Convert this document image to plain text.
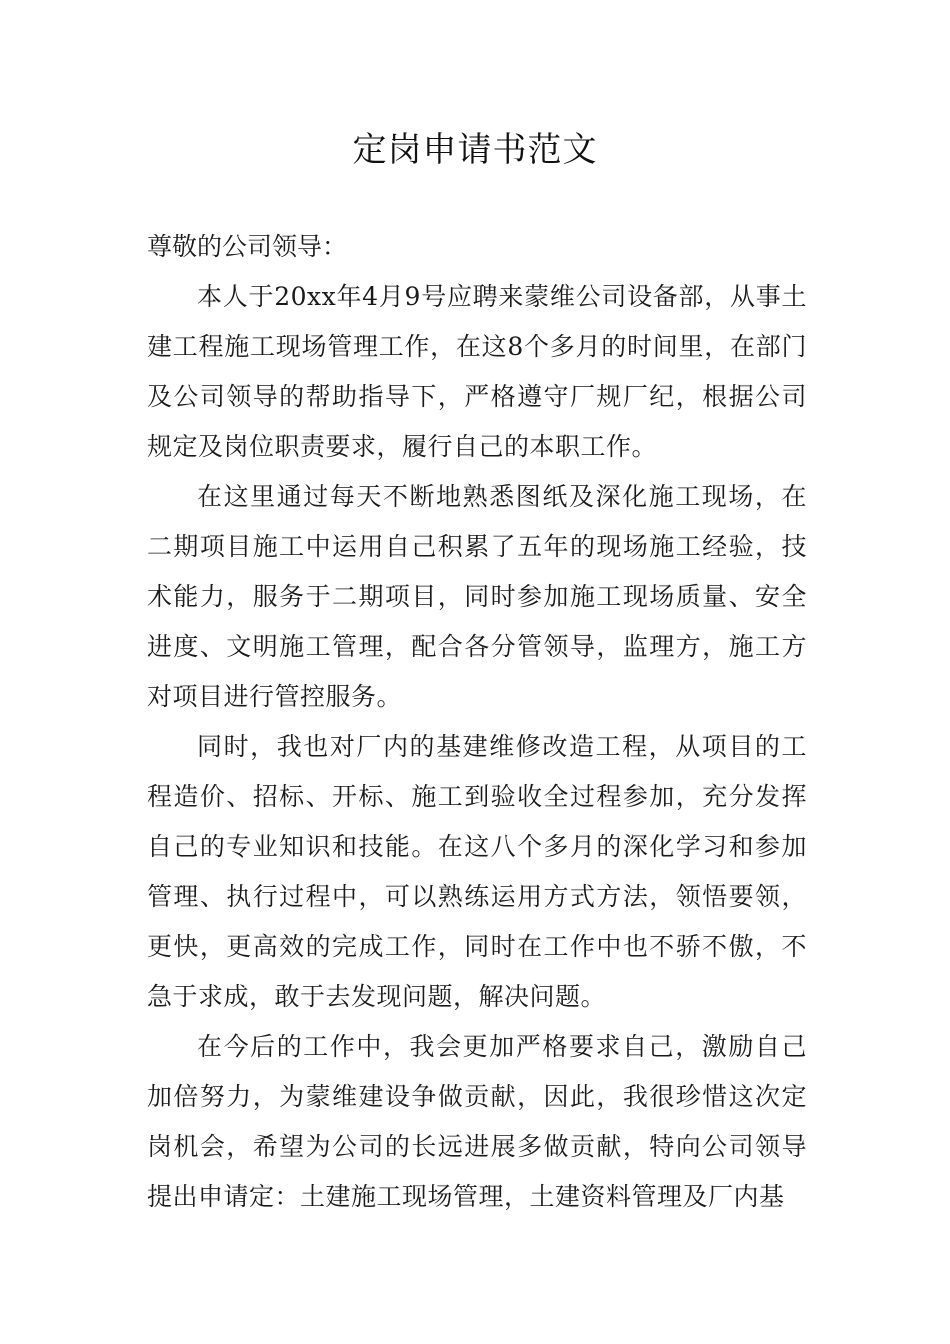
定岗申请书范文

尊敬的公司领导：

本人于20xx年4月9号应聘来蒙维公司设备部，从事土建工程施工现场管理工作，在这8个多月的时间里，在部门及公司领导的帮助指导下，严格遵守厂规厂纪，根据公司规定及岗位职责要求，履行自己的本职工作。

在这里通过每天不断地熟悉图纸及深化施工现场，在二期项目施工中运用自己积累了五年的现场施工经验，技术能力，服务于二期项目，同时参加施工现场质量、安全进度、文明施工管理，配合各分管领导，监理方，施工方对项目进行管控服务。

同时，我也对厂内的基建维修改造工程，从项目的工程造价、招标、开标、施工到验收全过程参加，充分发挥自己的专业知识和技能。在这八个多月的深化学习和参加管理、执行过程中，可以熟练运用方式方法，领悟要领，更快，更高效的完成工作，同时在工作中也不骄不傲，不急于求成，敢于去发现问题，解决问题。

在今后的工作中，我会更加严格要求自己，激励自己加倍努力，为蒙维建设争做贡献，因此，我很珍惜这次定岗机会，希望为公司的长远进展多做贡献，特向公司领导提出申请定：土建施工现场管理，土建资料管理及厂内基
